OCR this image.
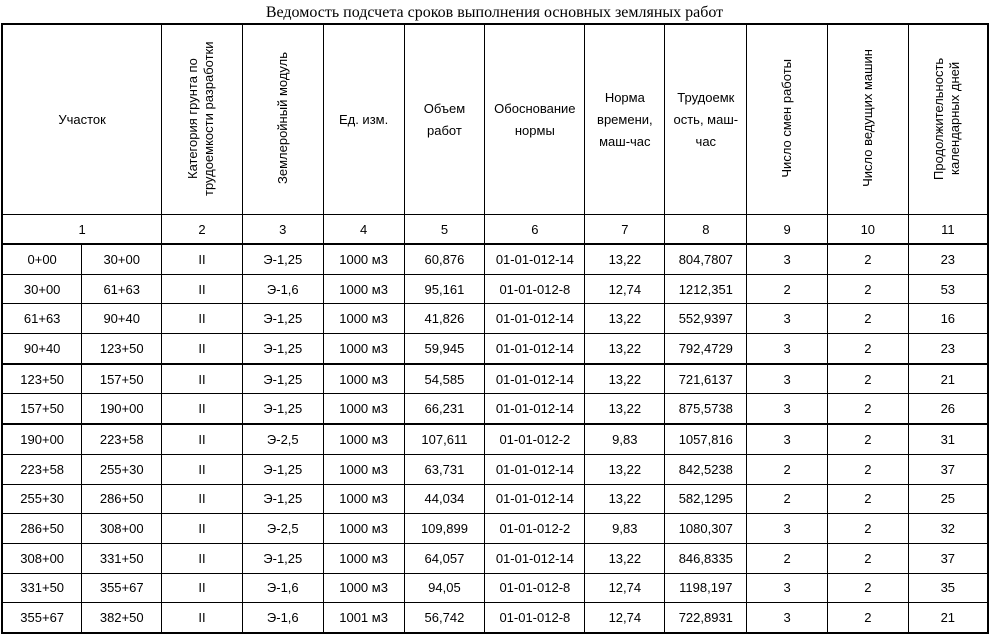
Ведомость подсчета сроков выполнения основных земляных работ
Участок		Категория грунта по трудоемкости разработки	Землеройный модуль	Ед. изм.	Объем работ	Обоснование нормы	Норма времени, маш-час	Трудоемк ость, маш-час	Число смен работы	Число ведущих машин	Продолжительность календарных дней
1		2	3	4	5	6	7	8	9	10	11
0+00	30+00	II	Э-1,25	1000 м3	60,876	01-01-012-14	13,22	804,7807	3	2	23
30+00	61+63	II	Э-1,6	1000 м3	95,161	01-01-012-8	12,74	1212,351	2	2	53
61+63	90+40	II	Э-1,25	1000 м3	41,826	01-01-012-14	13,22	552,9397	3	2	16
90+40	123+50	II	Э-1,25	1000 м3	59,945	01-01-012-14	13,22	792,4729	3	2	23
123+50	157+50	II	Э-1,25	1000 м3	54,585	01-01-012-14	13,22	721,6137	3	2	21
157+50	190+00	II	Э-1,25	1000 м3	66,231	01-01-012-14	13,22	875,5738	3	2	26
190+00	223+58	II	Э-2,5	1000 м3	107,611	01-01-012-2	9,83	1057,816	3	2	31
223+58	255+30	II	Э-1,25	1000 м3	63,731	01-01-012-14	13,22	842,5238	2	2	37
255+30	286+50	II	Э-1,25	1000 м3	44,034	01-01-012-14	13,22	582,1295	2	2	25
286+50	308+00	II	Э-2,5	1000 м3	109,899	01-01-012-2	9,83	1080,307	3	2	32
308+00	331+50	II	Э-1,25	1000 м3	64,057	01-01-012-14	13,22	846,8335	2	2	37
331+50	355+67	II	Э-1,6	1000 м3	94,05	01-01-012-8	12,74	1198,197	3	2	35
355+67	382+50	II	Э-1,6	1001 м3	56,742	01-01-012-8	12,74	722,8931	3	2	21
